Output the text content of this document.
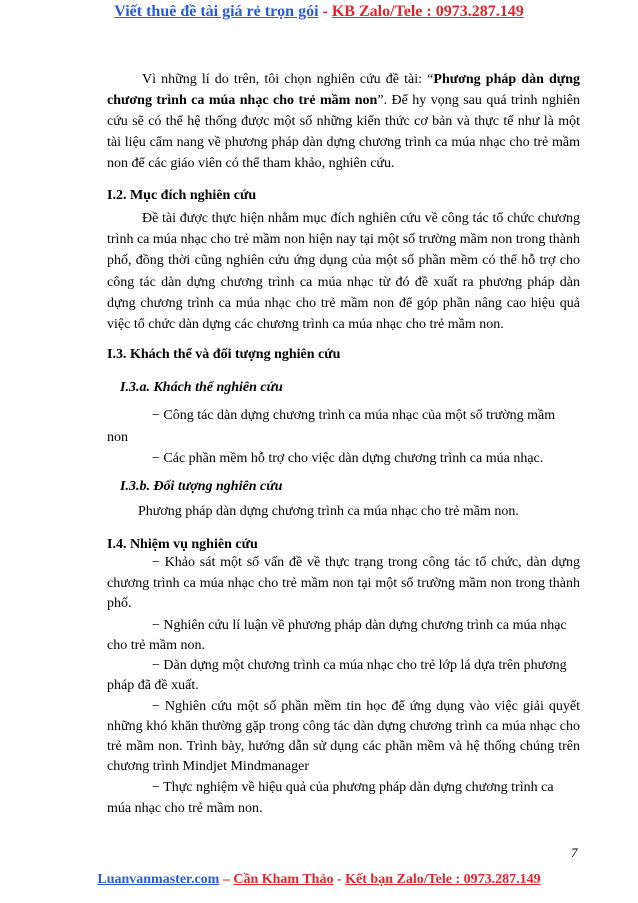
Viết thuê đề tài giá rẻ trọn gói - KB Zalo/Tele : 0973.287.149
Vì những lí do trên, tôi chọn nghiên cứu đề tài: “Phương pháp dàn dựng
chương trình ca múa nhạc cho trẻ mầm non”. Để hy vọng sau quá trình nghiên
cứu sẽ có thể hệ thống được một số những kiến thức cơ bản và thực tế như là một
tài liệu cẩm nang về phương pháp dàn dựng chương trình ca múa nhạc cho trẻ mầm
non để các giáo viên có thể tham khảo, nghiên cứu.
I.2. Mục đích nghiên cứu
Đề tài được thực hiện nhằm mục đích nghiên cứu về công tác tổ chức chương
trình ca múa nhạc cho trẻ mầm non hiện nay tại một số trường mầm non trong thành
phố, đồng thời cũng nghiên cứu ứng dụng của một số phần mềm có thể hỗ trợ cho
công tác dàn dựng chương trình ca múa nhạc từ đó đề xuất ra phương pháp dàn
dựng chương trình ca múa nhạc cho trẻ mầm non để góp phần nâng cao hiệu quả
việc tổ chức dàn dựng các chương trình ca múa nhạc cho trẻ mầm non.
I.3. Khách thể và đối tượng nghiên cứu
I.3.a. Khách thể nghiên cứu
− Công tác dàn dựng chương trình ca múa nhạc của một số trường mầm
non
− Các phần mềm hỗ trợ cho việc dàn dựng chương trình ca múa nhạc.
I.3.b. Đối tượng nghiên cứu
Phương pháp dàn dựng chương trình ca múa nhạc cho trẻ mầm non.
I.4. Nhiệm vụ nghiên cứu
− Khảo sát một số vấn đề về thực trạng trong công tác tổ chức, dàn dựng
chương trình ca múa nhạc cho trẻ mầm non tại một số trường mầm non trong thành
phố.
− Nghiên cứu lí luận về phương pháp dàn dựng chương trình ca múa nhạc
cho trẻ mầm non.
− Dàn dựng một chương trình ca múa nhạc cho trẻ lớp lá dựa trên phương
pháp đã đề xuất.
− Nghiên cứu một số phần mềm tin học để ứng dụng vào việc giải quyết
những khó khăn thường gặp trong công tác dàn dựng chương trình ca múa nhạc cho
trẻ mầm non. Trình bày, hướng dẫn sử dụng các phần mềm và hệ thống chúng trên
chương trình Mindjet Mindmanager
− Thực nghiệm về hiệu quả của phương pháp dàn dựng chương trình ca
múa nhạc cho trẻ mầm non.
7
Luanvanmaster.com – Cần Kham Thảo - Kết bạn Zalo/Tele : 0973.287.149
